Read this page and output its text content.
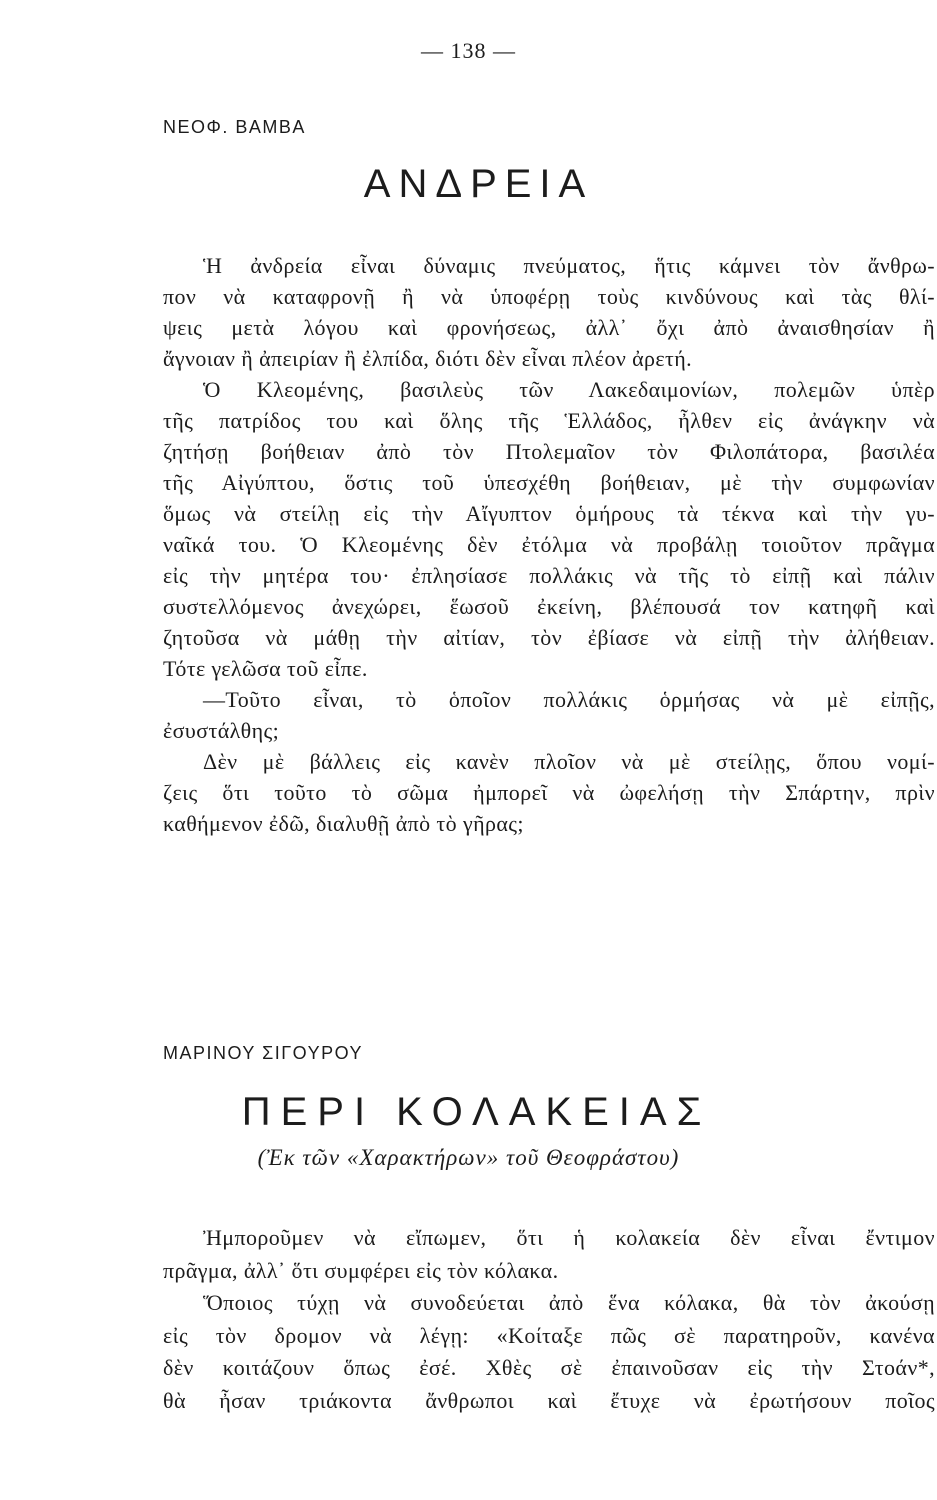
— 138 —
ΝΕΟΦ. ΒΑΜΒΑ
ΑΝΔΡΕΙΑ
Ἡ ἀνδρεία εἶναι δύναμις πνεύματος, ἥτις κάμνει τὸν ἄνθρω-
πον νὰ καταφρονῇ ἢ νὰ ὑποφέρῃ τοὺς κινδύνους καὶ τὰς θλί-
ψεις μετὰ λόγου καὶ φρονήσεως, ἀλλ᾽ ὄχι ἀπὸ ἀναισθησίαν ἢ
ἄγνοιαν ἢ ἀπειρίαν ἢ ἐλπίδα, διότι δὲν εἶναι πλέον ἀρετή.
Ὁ Κλεομένης, βασιλεὺς τῶν Λακεδαιμονίων, πολεμῶν ὑπὲρ
τῆς πατρίδος του καὶ ὅλης τῆς Ἑλλάδος, ἦλθεν εἰς ἀνάγκην νὰ
ζητήσῃ βοήθειαν ἀπὸ τὸν Πτολεμαῖον τὸν Φιλοπάτορα, βασιλέα
τῆς Αἰγύπτου, ὅστις τοῦ ὑπεσχέθη βοήθειαν, μὲ τὴν συμφωνίαν
ὅμως νὰ στείλῃ εἰς τὴν Αἴγυπτον ὁμήρους τὰ τέκνα καὶ τὴν γυ-
ναῖκά του. Ὁ Κλεομένης δὲν ἐτόλμα νὰ προβάλῃ τοιοῦτον πρᾶγμα
εἰς τὴν μητέρα του· ἐπλησίασε πολλάκις νὰ τῆς τὸ εἰπῇ καὶ πάλιν
συστελλόμενος ἀνεχώρει, ἕωσοῦ ἐκείνη, βλέπουσά τον κατηφῆ καὶ
ζητοῦσα νὰ μάθῃ τὴν αἰτίαν, τὸν ἐβίασε νὰ εἰπῇ τὴν ἀλήθειαν.
Τότε γελῶσα τοῦ εἶπε.
—Τοῦτο εἶναι, τὸ ὁποῖον πολλάκις ὁρμήσας νὰ μὲ εἰπῇς,
ἐσυστάλθης;
Δὲν μὲ βάλλεις εἰς κανὲν πλοῖον νὰ μὲ στείλῃς, ὅπου νομί-
ζεις ὅτι τοῦτο τὸ σῶμα ἠμπορεῖ νὰ ὠφελήσῃ τὴν Σπάρτην, πρὶν
καθήμενον ἐδῶ, διαλυθῇ ἀπὸ τὸ γῆρας;
ΜΑΡΙΝΟΥ ΣΙΓΟΥΡΟΥ
ΠΕΡΙ ΚΟΛΑΚΕΙΑΣ
(Ἐκ τῶν «Χαρακτήρων» τοῦ Θεοφράστου)
Ἠμποροῦμεν νὰ εἴπωμεν, ὅτι ἡ κολακεία δὲν εἶναι ἔντιμον
πρᾶγμα, ἀλλ᾽ ὅτι συμφέρει εἰς τὸν κόλακα.
Ὅποιος τύχῃ νὰ συνοδεύεται ἀπὸ ἕνα κόλακα, θὰ τὸν ἀκούσῃ
εἰς τὸν δρομον νὰ λέγῃ: «Κοίταξε πῶς σὲ παρατηροῦν, κανένα
δὲν κοιτάζουν ὅπως ἐσέ. Χθὲς σὲ ἐπαινοῦσαν εἰς τὴν Στοάν*,
θὰ ἦσαν τριάκοντα ἄνθρωποι καὶ ἔτυχε νὰ ἐρωτήσουν ποῖος
